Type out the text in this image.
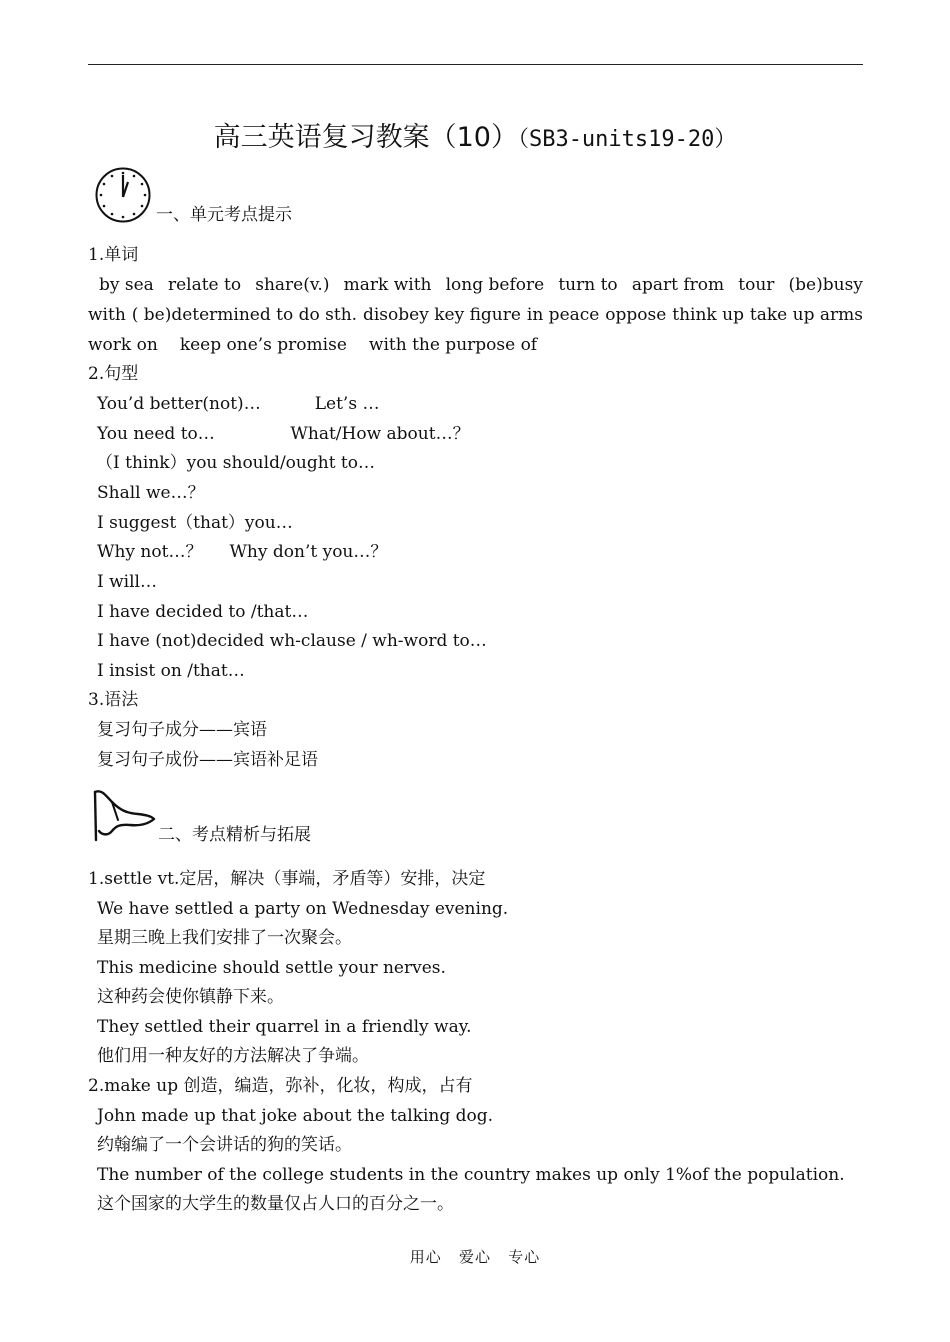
高三英语复习教案（10）（SB3-units19-20）
一、单元考点提示
1.单词
by sea relate to share(v.) mark with long before turn to apart from tour (be)busy
with ( be)determined to do sth. disobey key figure in peace oppose think up take up arms
work on keep one’s promise with the purpose of
2.句型
You’d better(not)…          Let’s …
You need to…              What/How about…？
（I think）you should/ought to…
Shall we…？
I suggest（that）you…
Why not…？     Why don’t you…？
I will…
I have decided to /that…
I have (not)decided wh-clause / wh-word to…
I insist on /that…
3.语法
复习句子成分——宾语
复习句子成份——宾语补足语
二、考点精析与拓展
1.settle vt.定居，解决（事端，矛盾等）安排，决定
We have settled a party on Wednesday evening.
星期三晚上我们安排了一次聚会。
This medicine should settle your nerves.
这种药会使你镇静下来。
They settled their quarrel in a friendly way.
他们用一种友好的方法解决了争端。
2.make up 创造，编造，弥补，化妆，构成，占有
John made up that joke about the talking dog.
约翰编了一个会讲话的狗的笑话。
The number of the college students in the country makes up only 1%of the population.
这个国家的大学生的数量仅占人口的百分之一。
用心   爱心   专心
